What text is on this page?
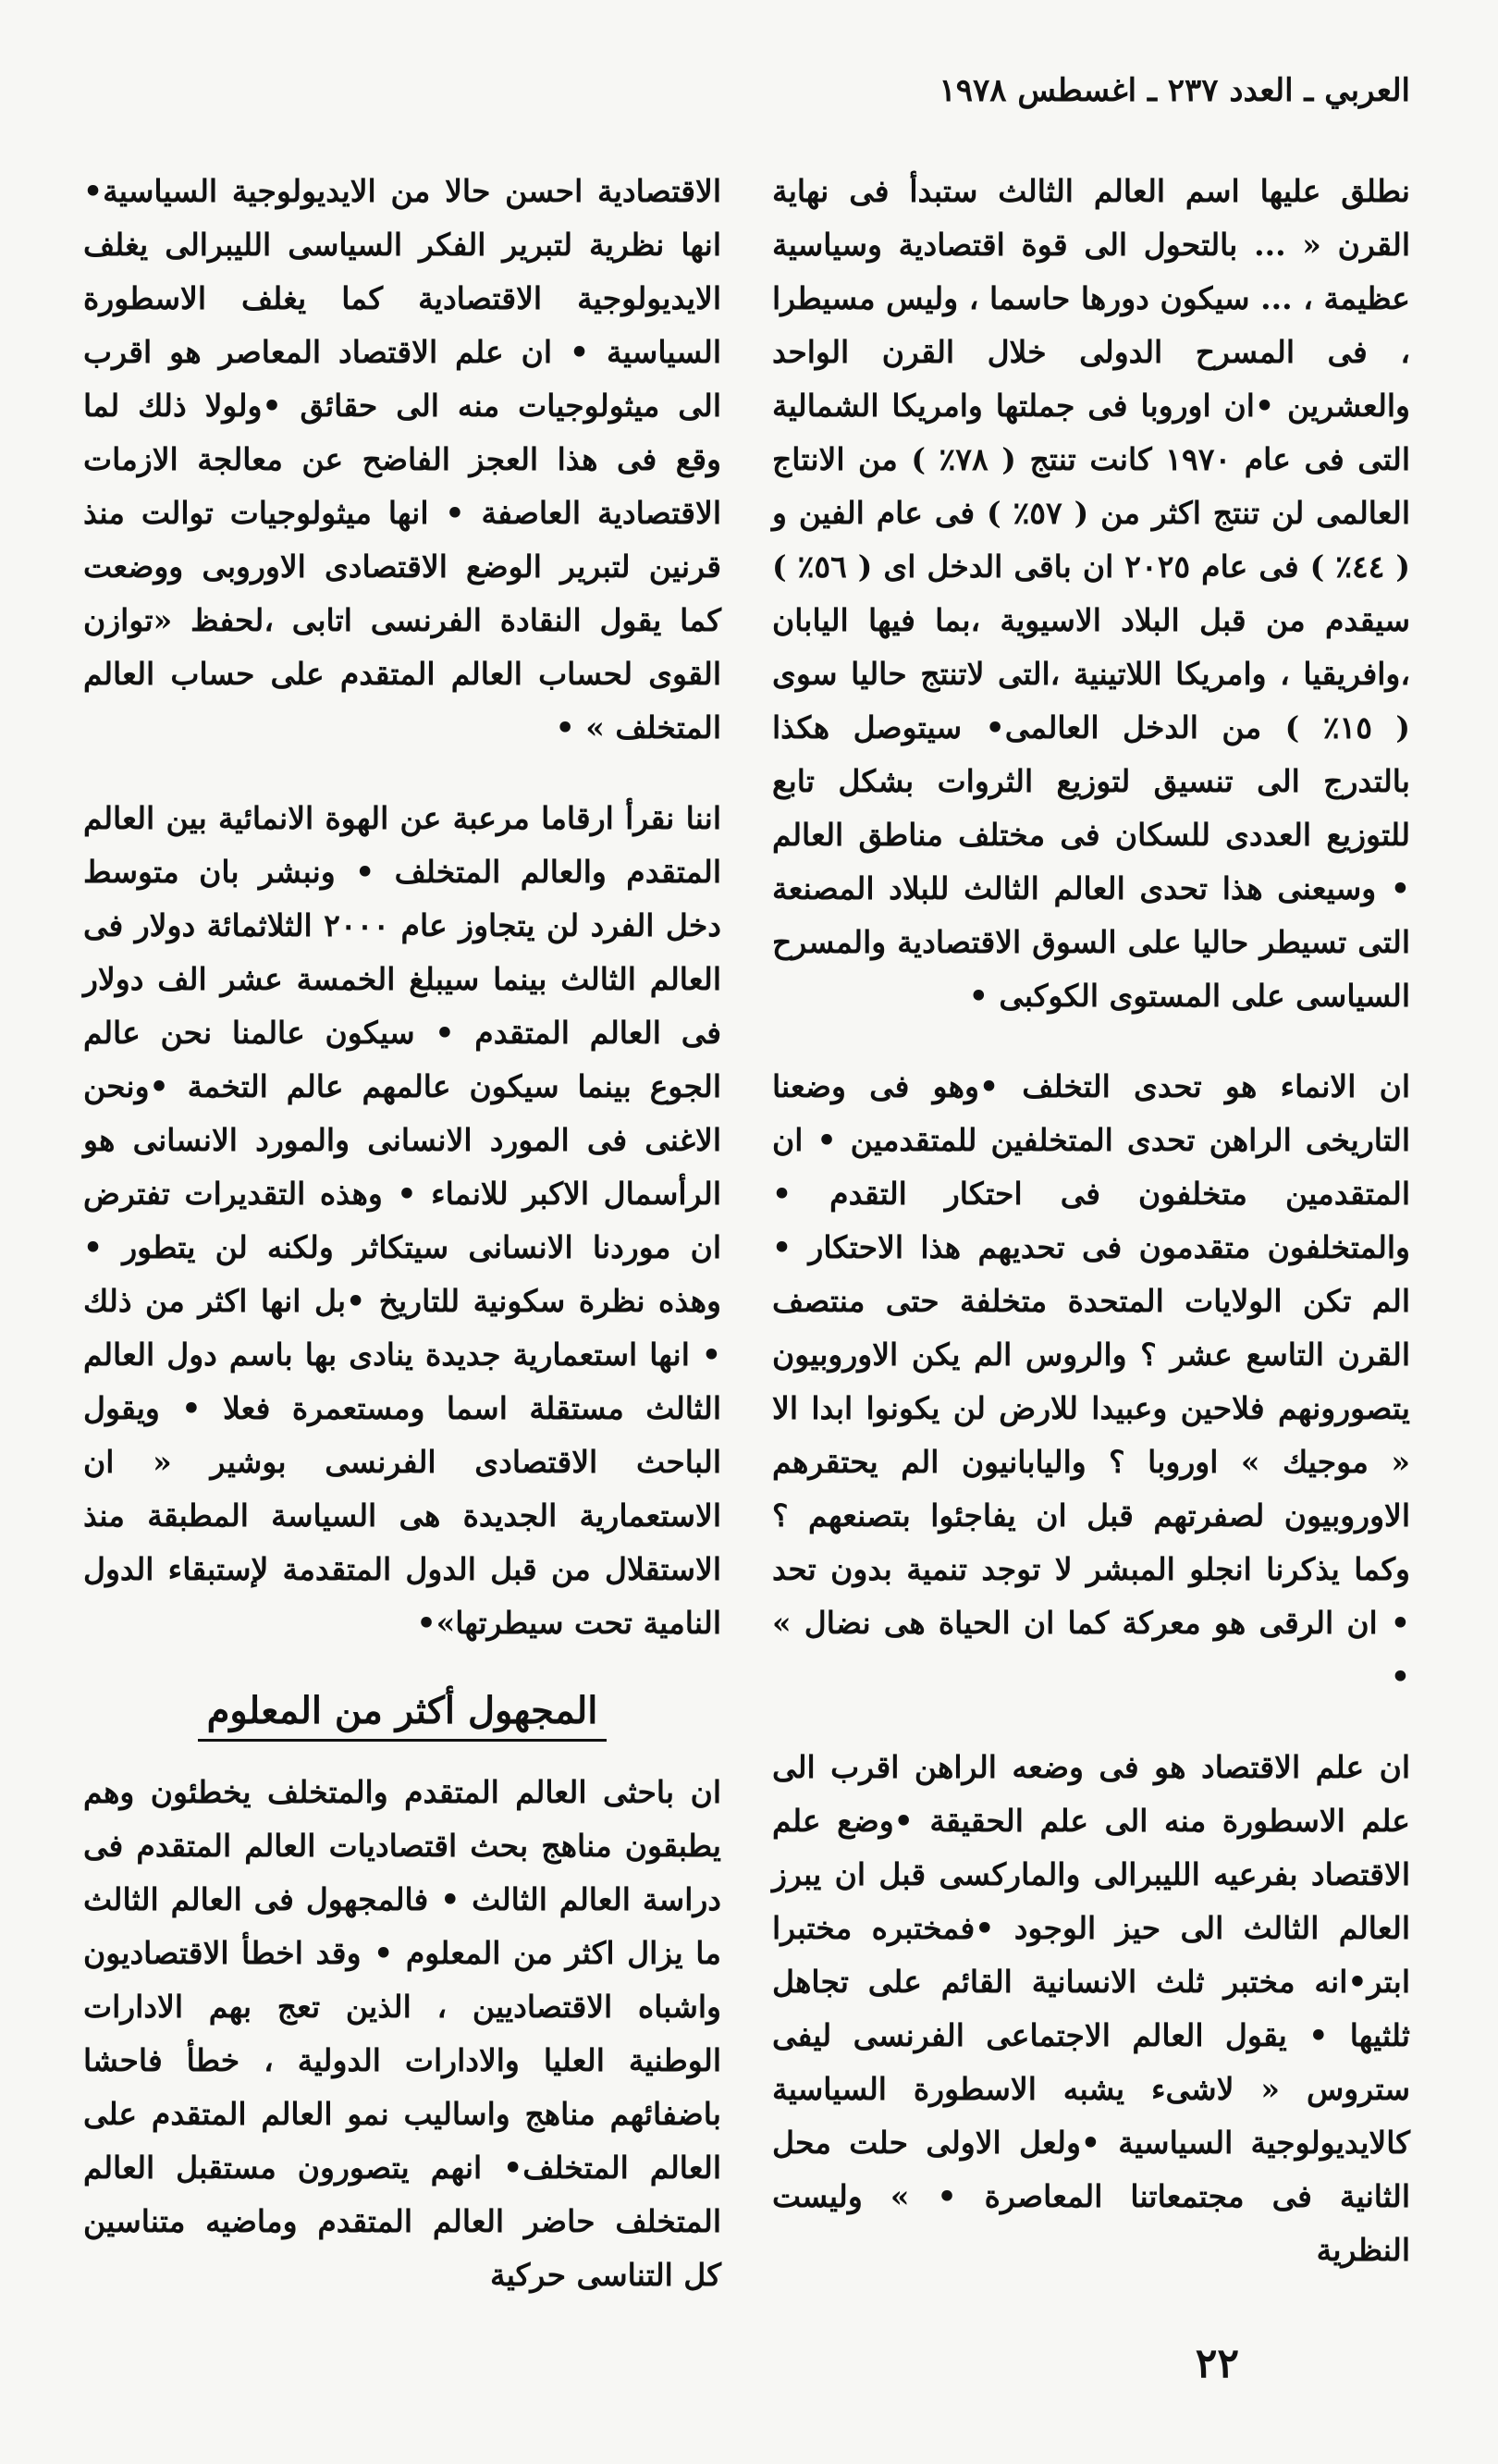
العربي ـ العدد ٢٣٧ ـ اغسطس ١٩٧٨

نطلق عليها اسم العالم الثالث ستبدأ فى نهاية القرن « ... بالتحول الى قوة اقتصادية وسياسية عظيمة ، ... سيكون دورها حاسما ، وليس مسيطرا ، فى المسرح الدولى خلال القرن الواحد والعشرين •ان اوروبا فى جملتها وامريكا الشمالية التى فى عام ١٩٧٠ كانت تنتج ( ٧٨٪ ) من الانتاج العالمى لن تنتج اكثر من ( ٥٧٪ ) فى عام الفين و ( ٤٤٪ ) فى عام ٢٠٢٥ ان باقى الدخل اى ( ٥٦٪ ) سيقدم من قبل البلاد الاسيوية ،بما فيها اليابان ،وافريقيا ، وامريكا اللاتينية ،التى لاتنتج حاليا سوى ( ١٥٪ ) من الدخل العالمى• سيتوصل هكذا بالتدرج الى تنسيق لتوزيع الثروات بشكل تابع للتوزيع العددى للسكان فى مختلف مناطق العالم • وسيعنى هذا تحدى العالم الثالث للبلاد المصنعة التى تسيطر حاليا على السوق الاقتصادية والمسرح السياسى على المستوى الكوكبى •

ان الانماء هو تحدى التخلف •وهو فى وضعنا التاريخى الراهن تحدى المتخلفين للمتقدمين • ان المتقدمين متخلفون فى احتكار التقدم • والمتخلفون متقدمون فى تحديهم هذا الاحتكار • الم تكن الولايات المتحدة متخلفة حتى منتصف القرن التاسع عشر ؟ والروس الم يكن الاوروبيون يتصورونهم فلاحين وعبيدا للارض لن يكونوا ابدا الا « موجيك » اوروبا ؟ واليابانيون الم يحتقرهم الاوروبيون لصفرتهم قبل ان يفاجئوا بتصنعهم ؟ وكما يذكرنا انجلو المبشر لا توجد تنمية بدون تحد • ان الرقى هو معركة كما ان الحياة هى نضال » •

ان علم الاقتصاد هو فى وضعه الراهن اقرب الى علم الاسطورة منه الى علم الحقيقة •وضع علم الاقتصاد بفرعيه الليبرالى والماركسى قبل ان يبرز العالم الثالث الى حيز الوجود •فمختبره مختبرا ابتر•انه مختبر ثلث الانسانية القائم على تجاهل ثلثيها • يقول العالم الاجتماعى الفرنسى ليفى ستروس « لاشىء يشبه الاسطورة السياسية كالايديولوجية السياسية •ولعل الاولى حلت محل الثانية فى مجتمعاتنا المعاصرة • » وليست النظرية

الاقتصادية احسن حالا من الايديولوجية السياسية• انها نظرية لتبرير الفكر السياسى الليبرالى يغلف الايديولوجية الاقتصادية كما يغلف الاسطورة السياسية • ان علم الاقتصاد المعاصر هو اقرب الى ميثولوجيات منه الى حقائق •ولولا ذلك لما وقع فى هذا العجز الفاضح عن معالجة الازمات الاقتصادية العاصفة • انها ميثولوجيات توالت منذ قرنين لتبرير الوضع الاقتصادى الاوروبى ووضعت كما يقول النقادة الفرنسى اتابى ،لحفظ «توازن القوى لحساب العالم المتقدم على حساب العالم المتخلف » •

اننا نقرأ ارقاما مرعبة عن الهوة الانمائية بين العالم المتقدم والعالم المتخلف • ونبشر بان متوسط دخل الفرد لن يتجاوز عام ٢٠٠٠ الثلاثمائة دولار فى العالم الثالث بينما سيبلغ الخمسة عشر الف دولار فى العالم المتقدم • سيكون عالمنا نحن عالم الجوع بينما سيكون عالمهم عالم التخمة •ونحن الاغنى فى المورد الانسانى والمورد الانسانى هو الرأسمال الاكبر للانماء • وهذه التقديرات تفترض ان موردنا الانسانى سيتكاثر ولكنه لن يتطور • وهذه نظرة سكونية للتاريخ •بل انها اكثر من ذلك • انها استعمارية جديدة ينادى بها باسم دول العالم الثالث مستقلة اسما ومستعمرة فعلا • ويقول الباحث الاقتصادى الفرنسى بوشير « ان الاستعمارية الجديدة هى السياسة المطبقة منذ الاستقلال من قبل الدول المتقدمة لإستبقاء الدول النامية تحت سيطرتها»•

المجهول أكثر من المعلوم

ان باحثى العالم المتقدم والمتخلف يخطئون وهم يطبقون مناهج بحث اقتصاديات العالم المتقدم فى دراسة العالم الثالث • فالمجهول فى العالم الثالث ما يزال اكثر من المعلوم • وقد اخطأ الاقتصاديون واشباه الاقتصاديين ، الذين تعج بهم الادارات الوطنية العليا والادارات الدولية ، خطأ فاحشا باضفائهم مناهج واساليب نمو العالم المتقدم على العالم المتخلف• انهم يتصورون مستقبل العالم المتخلف حاضر العالم المتقدم وماضيه متناسين كل التناسى حركية

٢٢
